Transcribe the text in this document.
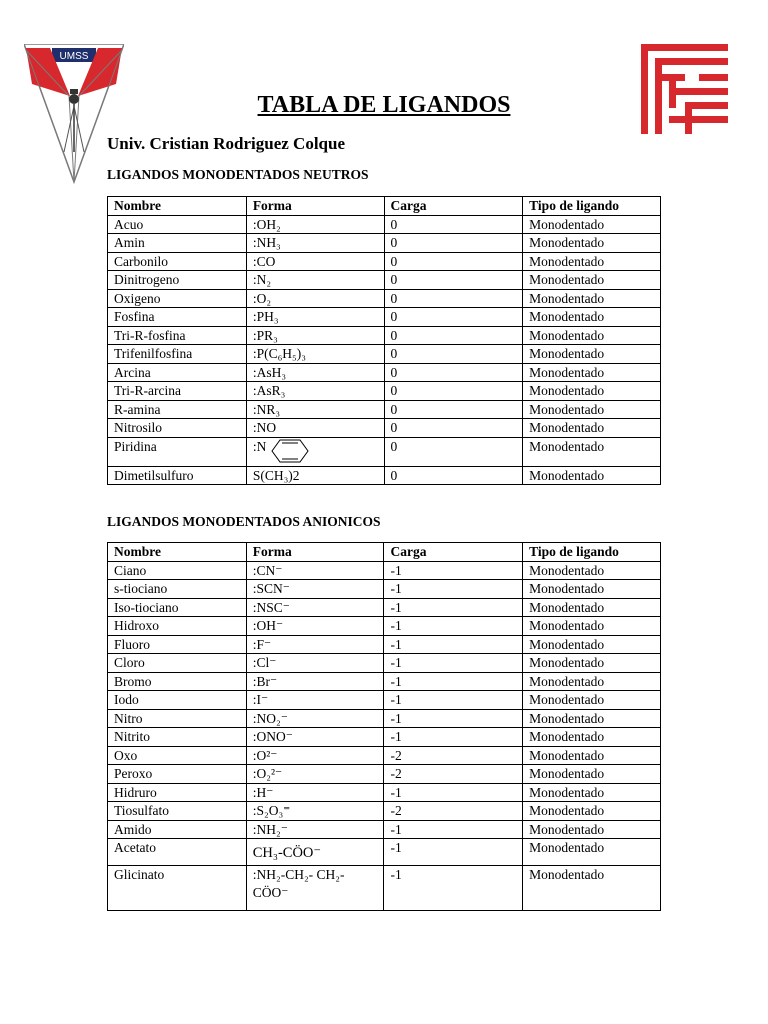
UMSS
TABLA DE LIGANDOS
Univ. Cristian Rodriguez Colque
LIGANDOS MONODENTADOS NEUTROS
Nombre	Forma	Carga	Tipo de ligando
Acuo	:OH₂	0	Monodentado
Amin	:NH₃	0	Monodentado
Carbonilo	:CO	0	Monodentado
Dinitrogeno	:N₂	0	Monodentado
Oxigeno	:O₂	0	Monodentado
Fosfina	:PH₃	0	Monodentado
Tri-R-fosfina	:PR₃	0	Monodentado
Trifenilfosfina	:P(C₆H₅)₃	0	Monodentado
Arcina	:AsH₃	0	Monodentado
Tri-R-arcina	:AsR₃	0	Monodentado
R-amina	:NR₃	0	Monodentado
Nitrosilo	:NO	0	Monodentado
Piridina	:N	0	Monodentado
Dimetilsulfuro	S(CH₃)2	0	Monodentado
LIGANDOS MONODENTADOS ANIONICOS
Nombre	Forma	Carga	Tipo de ligando
Ciano	:CN⁻	-1	Monodentado
s-tiociano	:SCN⁻	-1	Monodentado
Iso-tiociano	:NSC⁻	-1	Monodentado
Hidroxo	:OH⁻	-1	Monodentado
Fluoro	:F⁻	-1	Monodentado
Cloro	:Cl⁻	-1	Monodentado
Bromo	:Br⁻	-1	Monodentado
Iodo	:I⁻	-1	Monodentado
Nitro	:NO₂⁻	-1	Monodentado
Nitrito	:ONO⁻	-1	Monodentado
Oxo	:O²⁻	-2	Monodentado
Peroxo	:O₂²⁻	-2	Monodentado
Hidruro	:H⁻	-1	Monodentado
Tiosulfato	:S₂O₃⁼	-2	Monodentado
Amido	:NH₂⁻	-1	Monodentado
Acetato	CH₃-CÖO⁻	-1	Monodentado
Glicinato	:NH₂-CH₂- CH₂-CÖO⁻	-1	Monodentado
